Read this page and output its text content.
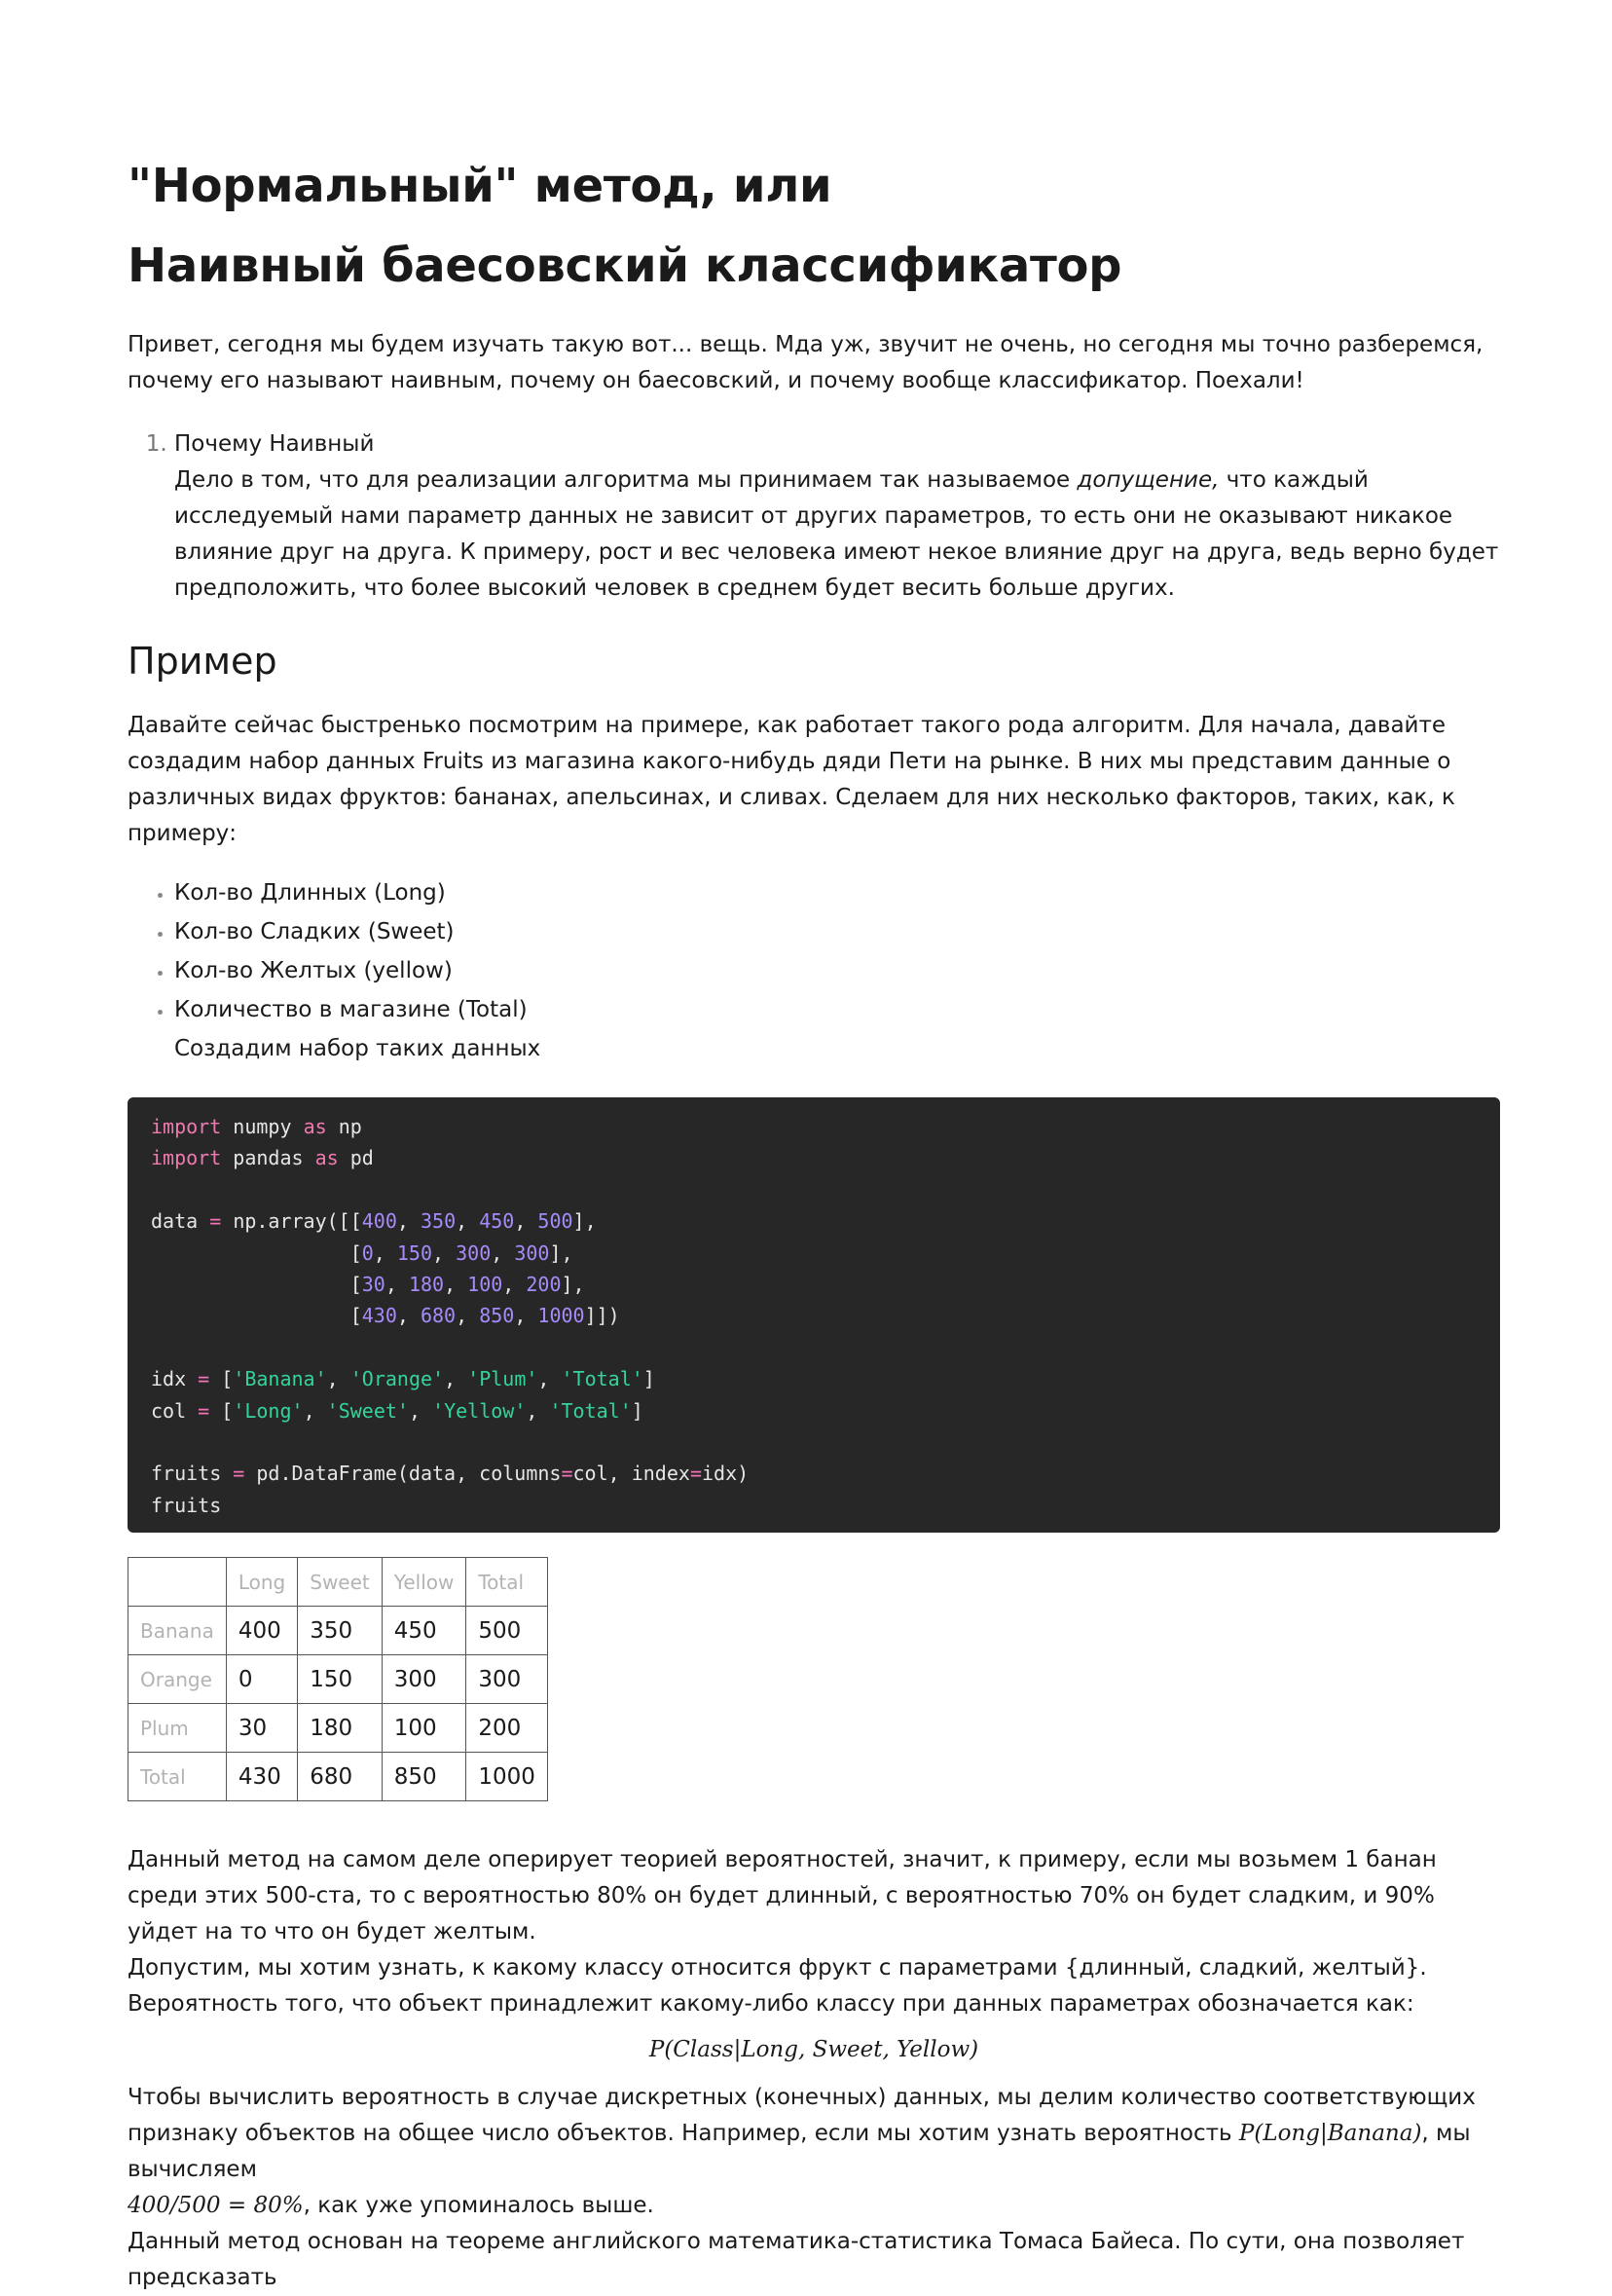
"Нормальный" метод, или
Наивный баесовский классификатор

Привет, сегодня мы будем изучать такую вот... вещь. Мда уж, звучит не очень, но сегодня мы точно разберемся, почему его называют наивным, почему он баесовский, и почему вообще классификатор. Поехали!

1. Почему Наивный
Дело в том, что для реализации алгоритма мы принимаем так называемое допущение, что каждый исследуемый нами параметр данных не зависит от других параметров, то есть они не оказывают никакое влияние друг на друга. К примеру, рост и вес человека имеют некое влияние друг на друга, ведь верно будет предположить, что более высокий человек в среднем будет весить больше других.
Пример

Давайте сейчас быстренько посмотрим на примере, как работает такого рода алгоритм. Для начала, давайте создадим набор данных Fruits из магазина какого-нибудь дяди Пети на рынке. В них мы представим данные о различных видах фруктов: бананах, апельсинах, и сливах. Сделаем для них несколько факторов, таких, как, к примеру:

• Кол-во Длинных (Long)
• Кол-во Сладких (Sweet)
• Кол-во Желтых (yellow)
• Количество в магазине (Total)
Создадим набор таких данных
import numpy as np
import pandas as pd

data = np.array([[400, 350, 450, 500],
[0, 150, 300, 300],
[30, 180, 100, 200],
[430, 680, 850, 1000]])

idx = ['Banana', 'Orange', 'Plum', 'Total']
col = ['Long', 'Sweet', 'Yellow', 'Total']

fruits = pd.DataFrame(data, columns=col, index=idx)
fruits
	Long	Sweet	Yellow	Total
Banana	400	350	450	500
Orange	0	150	300	300
Plum	30	180	100	200
Total	430	680	850	1000

Данный метод на самом деле оперирует теорией вероятностей, значит, к примеру, если мы возьмем 1 банан среди этих 500-ста, то с вероятностью 80% он будет длинный, с вероятностью 70% он будет сладким, и 90% уйдет на то что он будет желтым.

Допустим, мы хотим узнать, к какому классу относится фрукт с параметрами {длинный, сладкий, желтый}. Вероятность того, что объект принадлежит какому-либо классу при данных параметрах обозначается как:

P(Class|Long, Sweet, Yellow)

Чтобы вычислить вероятность в случае дискретных (конечных) данных, мы делим количество соответствующих признаку объектов на общее число объектов. Например, если мы хотим узнать вероятность P(Long|Banana), мы вычисляем
400/500 = 80%, как уже упоминалось выше.

Данный метод основан на теореме английского математика-статистика Томаса Байеса. По сути, она позволяет предсказать
